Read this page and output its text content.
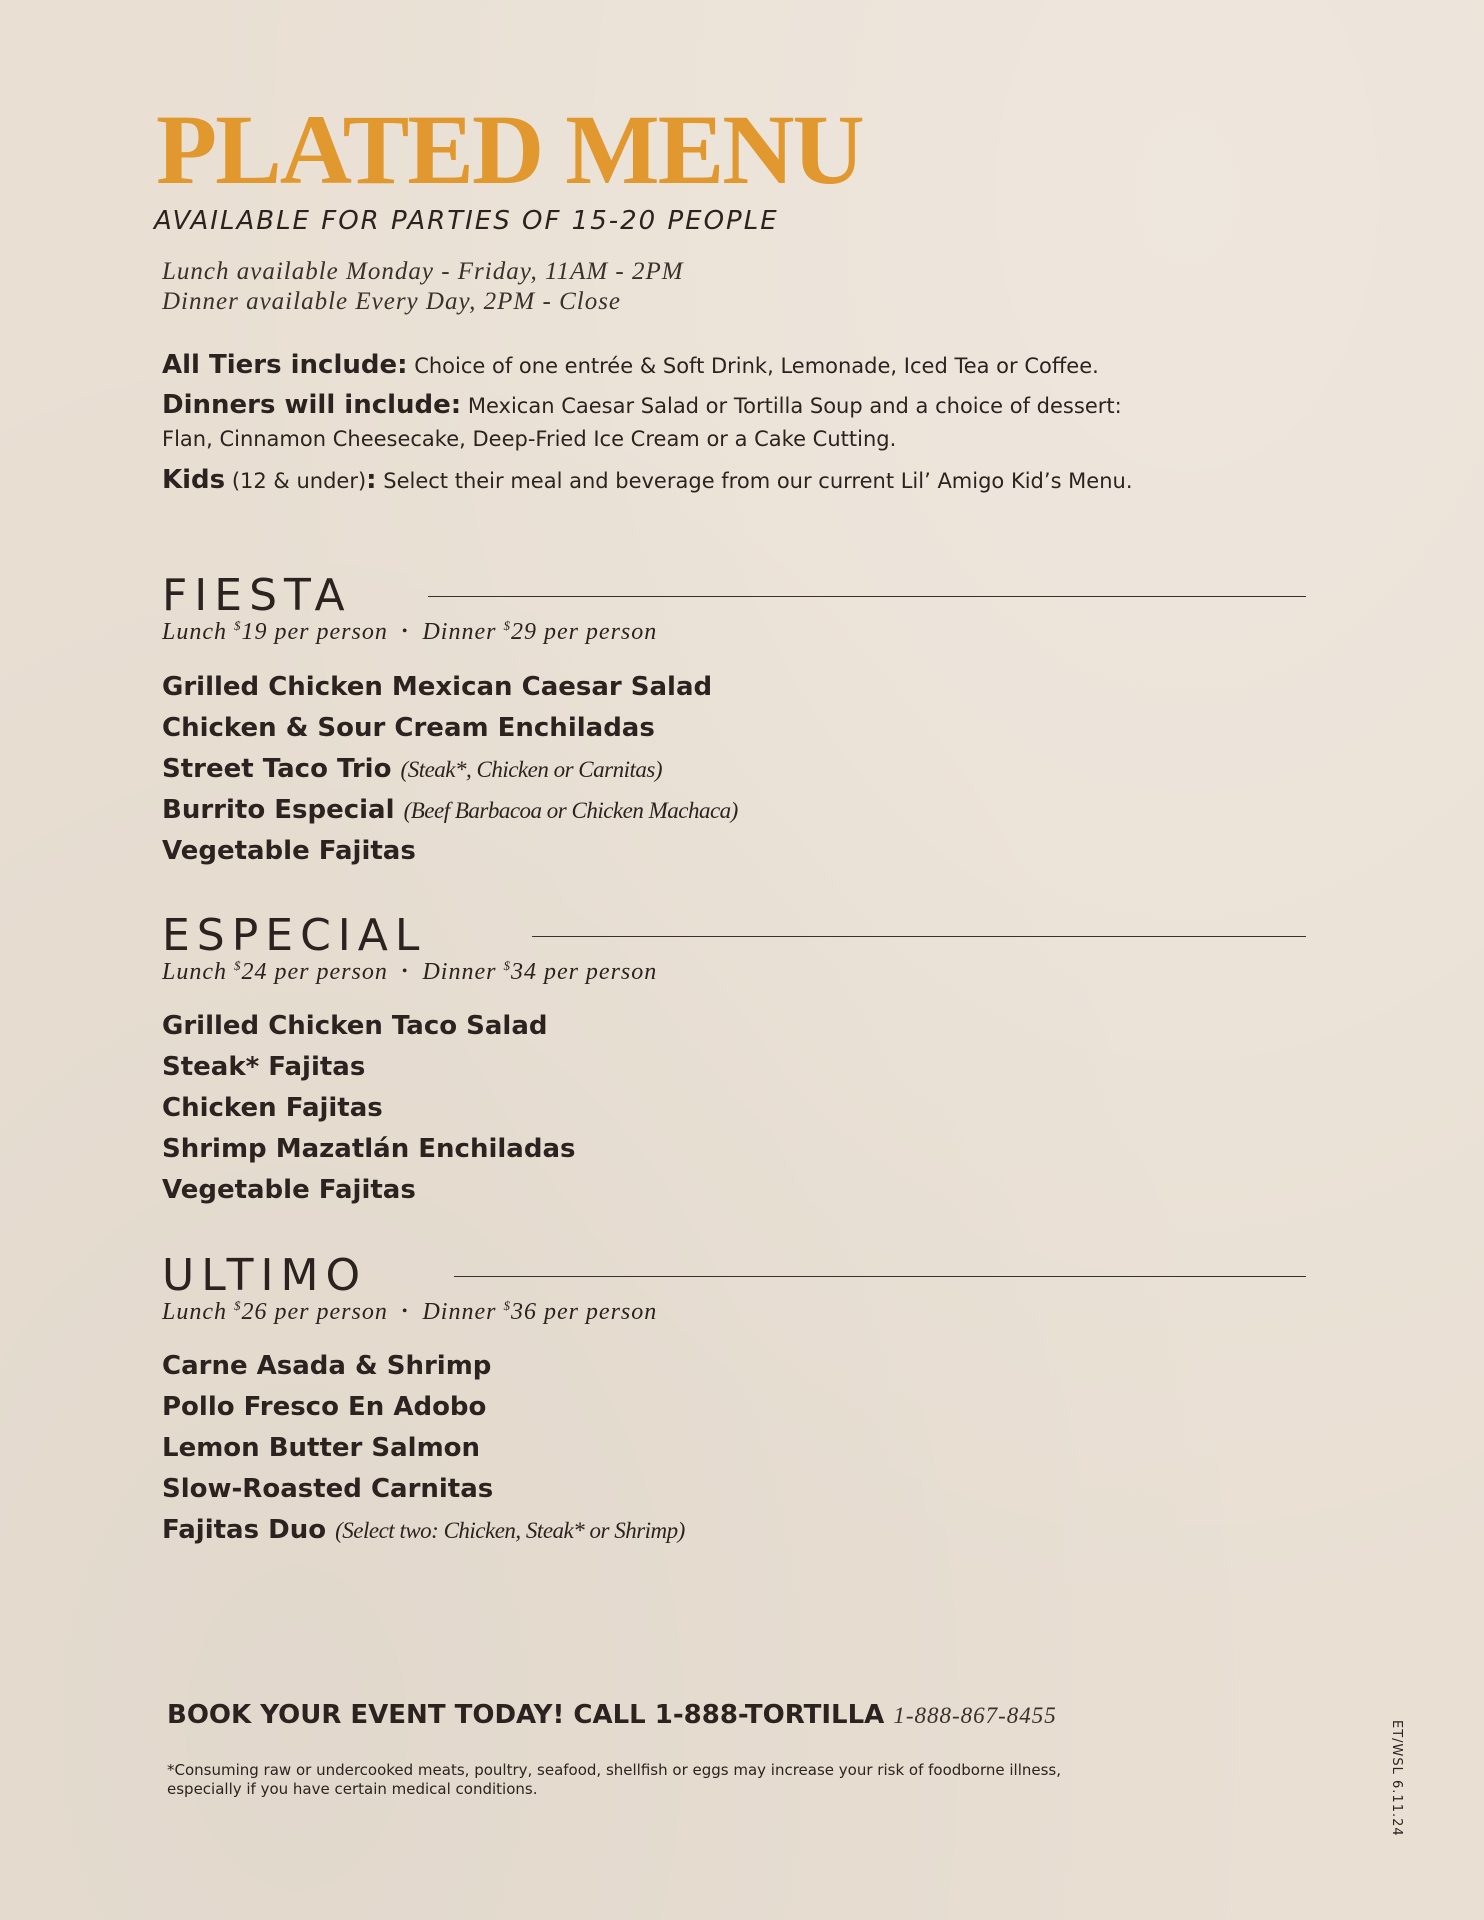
PLATED MENU
AVAILABLE FOR PARTIES OF 15-20 PEOPLE
Lunch available Monday - Friday, 11AM - 2PM
Dinner available Every Day, 2PM - Close
All Tiers include: Choice of one entrée & Soft Drink, Lemonade, Iced Tea or Coffee.
Dinners will include: Mexican Caesar Salad or Tortilla Soup and a choice of dessert:
Flan, Cinnamon Cheesecake, Deep-Fried Ice Cream or a Cake Cutting.
Kids (12 & under): Select their meal and beverage from our current Lil’ Amigo Kid’s Menu.
FIESTA
Lunch $19 per person • Dinner $29 per person
Grilled Chicken Mexican Caesar Salad
Chicken & Sour Cream Enchiladas
Street Taco Trio (Steak*, Chicken or Carnitas)
Burrito Especial (Beef Barbacoa or Chicken Machaca)
Vegetable Fajitas
ESPECIAL
Lunch $24 per person • Dinner $34 per person
Grilled Chicken Taco Salad
Steak* Fajitas
Chicken Fajitas
Shrimp Mazatlán Enchiladas
Vegetable Fajitas
ULTIMO
Lunch $26 per person • Dinner $36 per person
Carne Asada & Shrimp
Pollo Fresco En Adobo
Lemon Butter Salmon
Slow-Roasted Carnitas
Fajitas Duo (Select two: Chicken, Steak* or Shrimp)
BOOK YOUR EVENT TODAY! CALL 1-888-TORTILLA 1-888-867-8455
*Consuming raw or undercooked meats, poultry, seafood, shellfish or eggs may increase your risk of foodborne illness, especially if you have certain medical conditions.	ET/WSL 6.11.24
